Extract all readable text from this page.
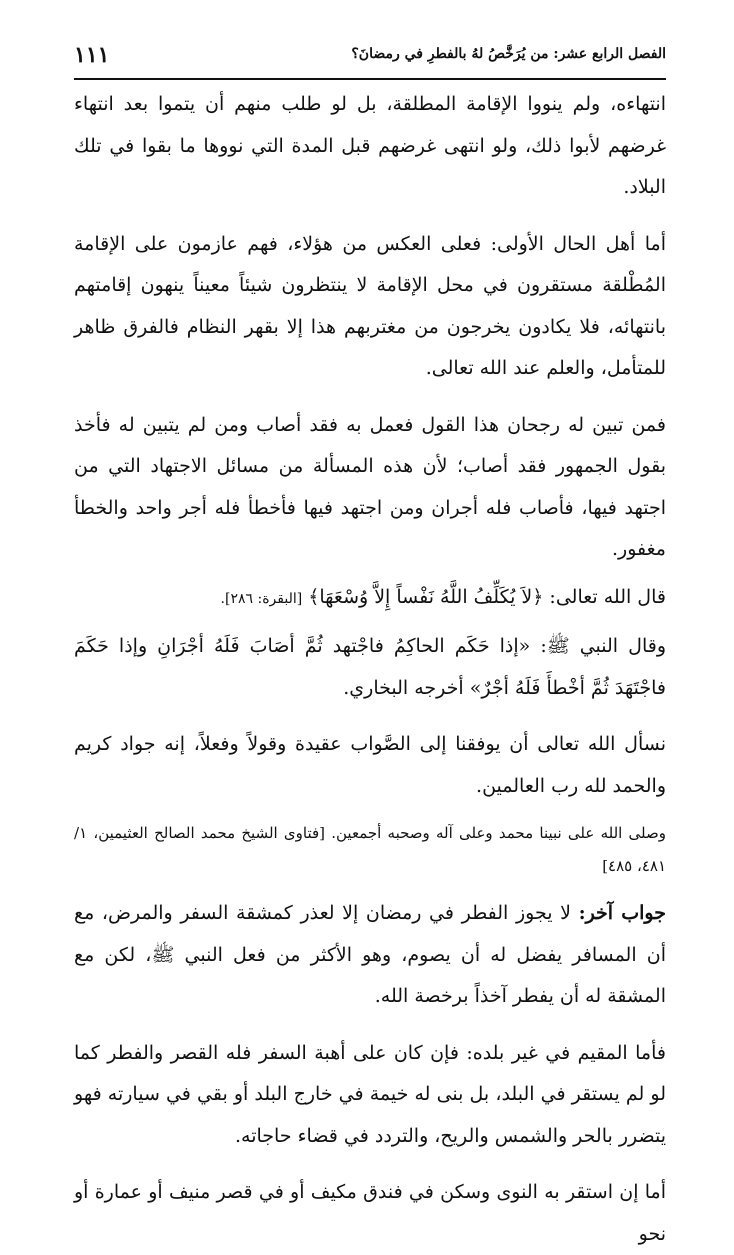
الفصل الرابع عشر: من يُرَخَّصُ لهُ بالفطرِ في رمضانَ؟
١١١

انتهاءه، ولم ينووا الإقامة المطلقة، بل لو طلب منهم أن يتموا بعد انتهاء غرضهم لأبوا ذلك، ولو انتهى غرضهم قبل المدة التي نووها ما بقوا في تلك البلاد.

أما أهل الحال الأولى: فعلى العكس من هؤلاء، فهم عازمون على الإقامة المُطْلقة مستقرون في محل الإقامة لا ينتظرون شيئاً معيناً ينهون إقامتهم بانتهائه، فلا يكادون يخرجون من مغتربهم هذا إلا بقهر النظام فالفرق ظاهر للمتأمل، والعلم عند الله تعالى.

فمن تبين له رجحان هذا القول فعمل به فقد أصاب ومن لم يتبين له فأخذ بقول الجمهور فقد أصاب؛ لأن هذه المسألة من مسائل الاجتهاد التي من اجتهد فيها، فأصاب فله أجران ومن اجتهد فيها فأخطأ فله أجر واحد والخطأ مغفور.

قال الله تعالى: ﴿لاَ يُكَلِّفُ اللَّهُ نَفْساً إِلاَّ وُسْعَهَا﴾ [البقرة: ٢٨٦].

وقال النبي ﷺ: «إذا حَكَم الحاكِمُ فاجْتهد ثُمَّ أصَابَ فَلَهُ أجْرَانِ وإذا حَكَمَ فاجْتَهَدَ ثُمَّ أخْطأَ فَلَهُ أجْرٌ» أخرجه البخاري.

نسأل الله تعالى أن يوفقنا إلى الصَّواب عقيدة وقولاً وفعلاً، إنه جواد كريم والحمد لله رب العالمين.

وصلى الله على نبينا محمد وعلى آله وصحبه أجمعين. [فتاوى الشيخ محمد الصالح العثيمين، ١/ ٤٨١، ٤٨٥]

جواب آخر: لا يجوز الفطر في رمضان إلا لعذر كمشقة السفر والمرض، مع أن المسافر يفضل له أن يصوم، وهو الأكثر من فعل النبي ﷺ، لكن مع المشقة له أن يفطر آخذاً برخصة الله.

فأما المقيم في غير بلده: فإن كان على أهبة السفر فله القصر والفطر كما لو لم يستقر في البلد، بل بنى له خيمة في خارج البلد أو بقي في سيارته فهو يتضرر بالحر والشمس والريح، والتردد في قضاء حاجاته.

أما إن استقر به النوى وسكن في فندق مكيف أو في قصر منيف أو عمارة أو نحو
